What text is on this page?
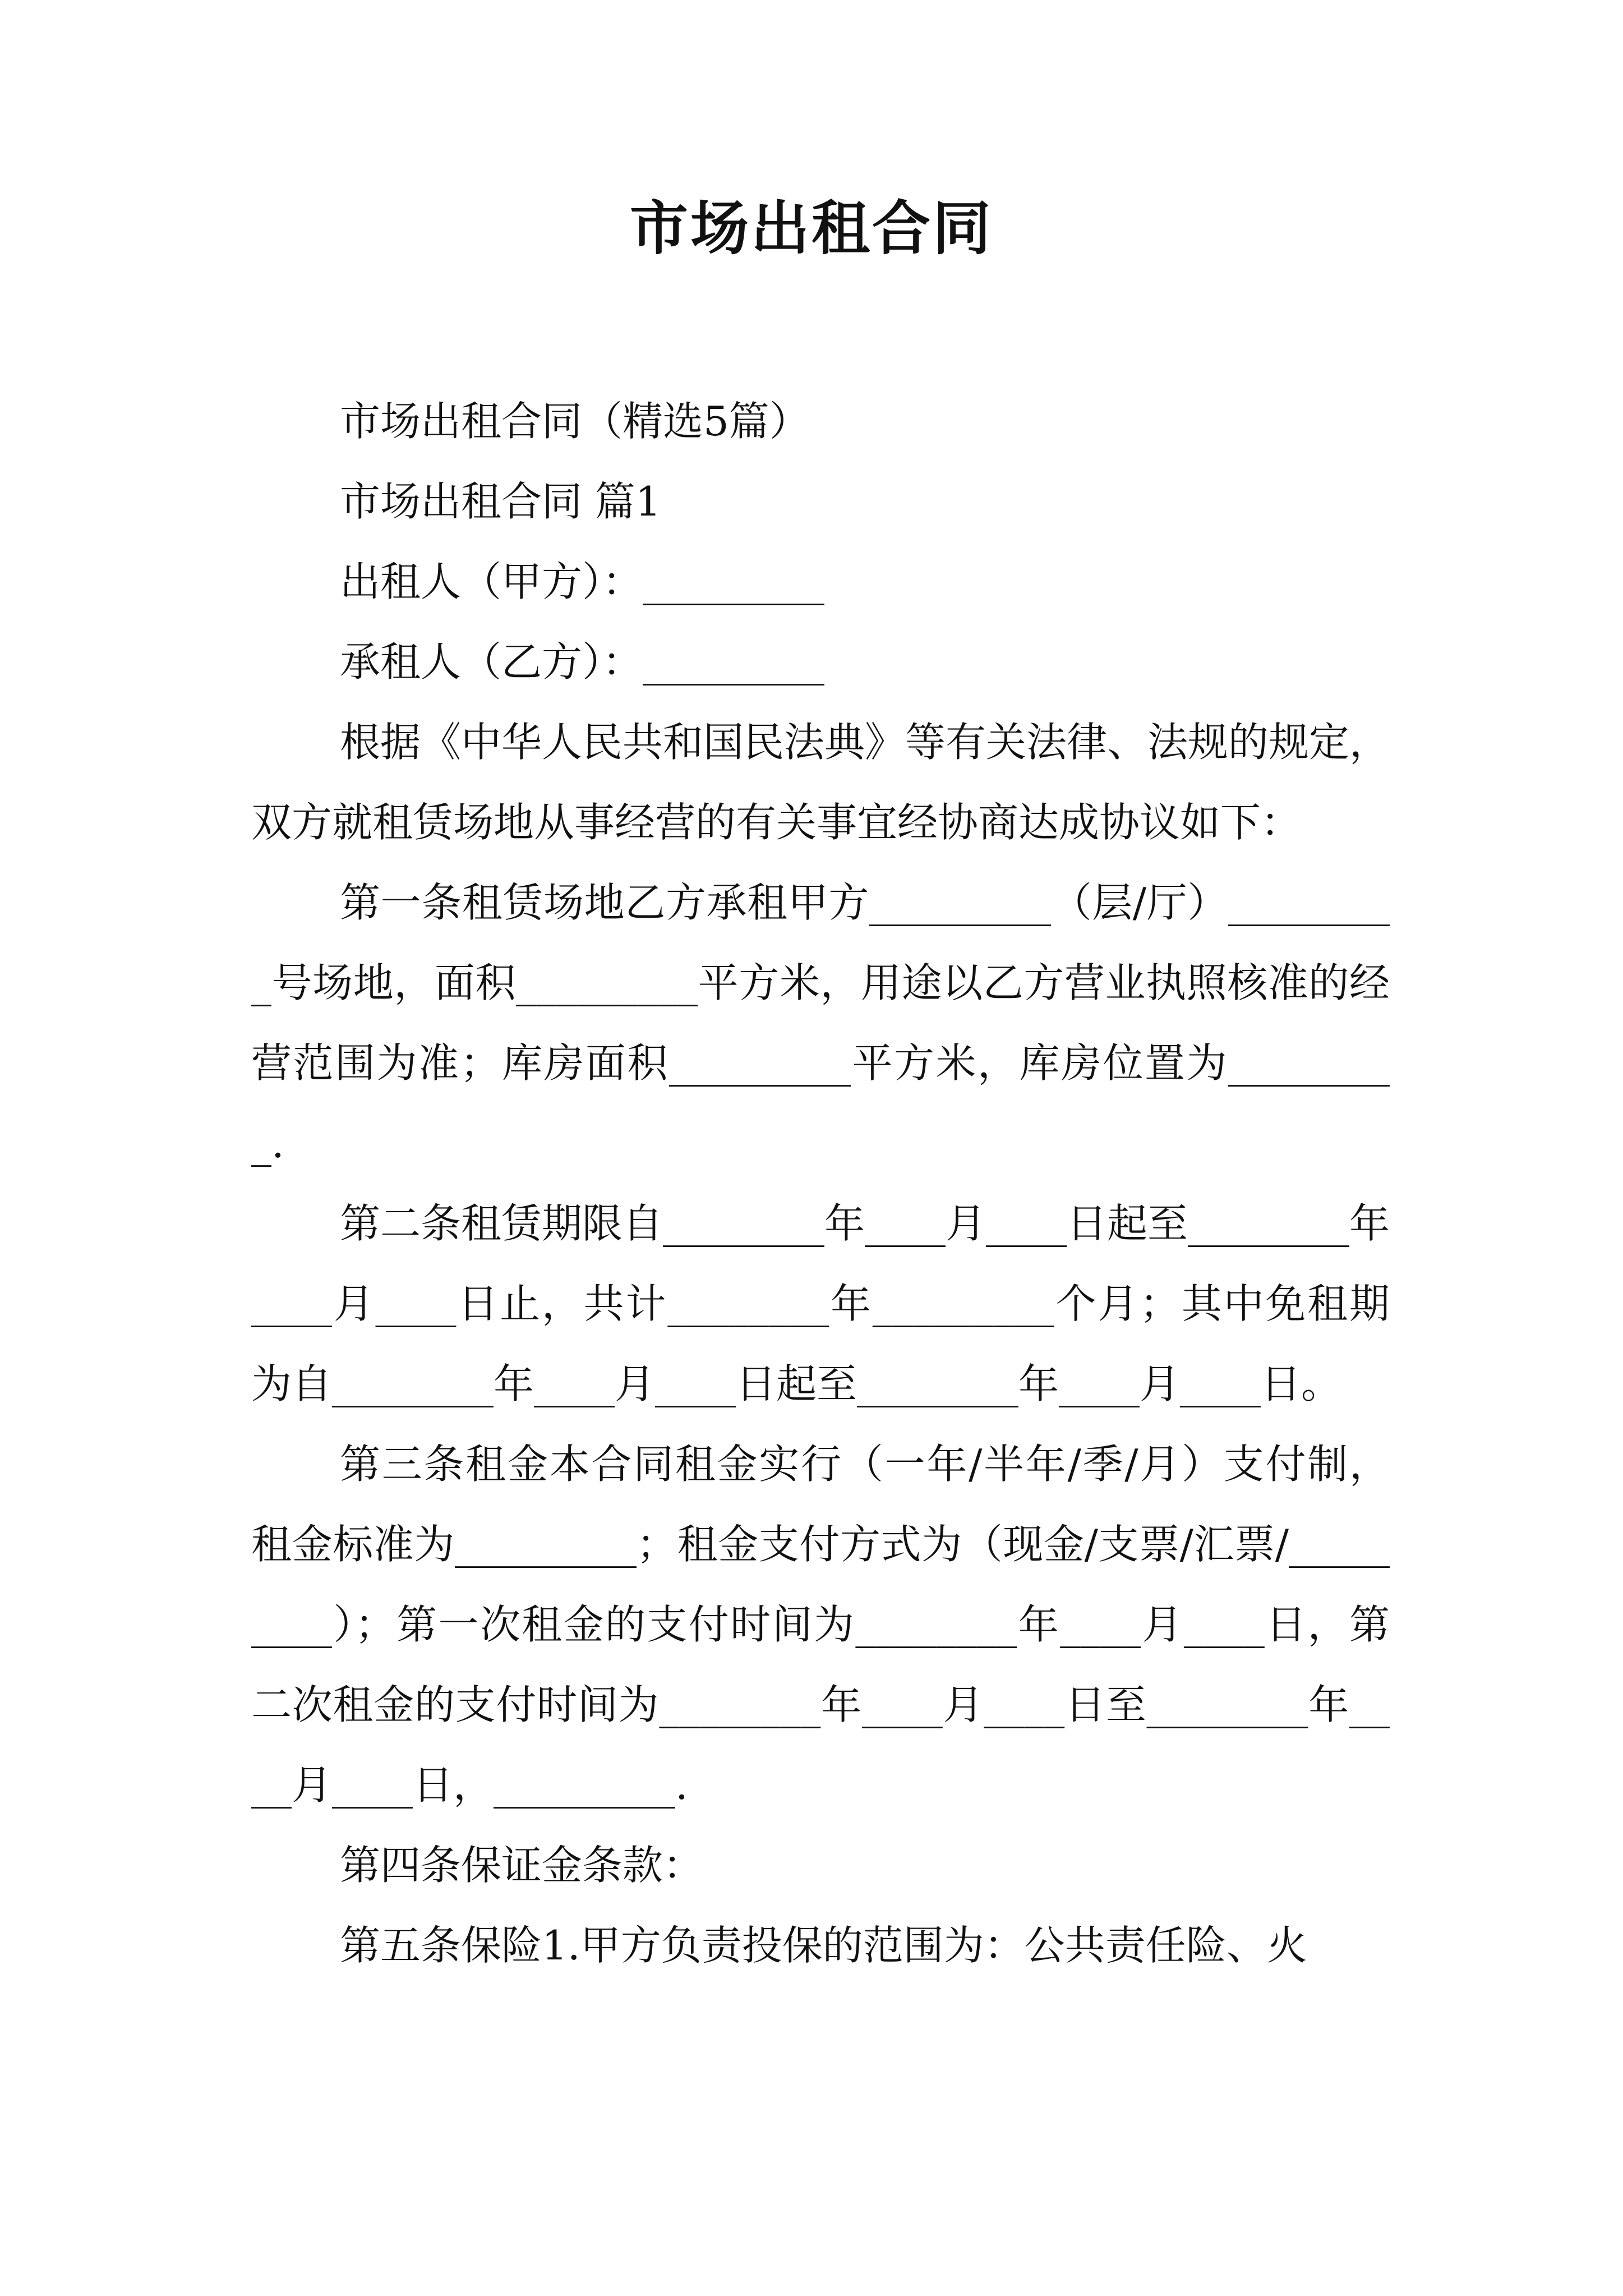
市场出租合同

市场出租合同（精选5篇）

市场出租合同 篇1

出租人（甲方）：_________

承租人（乙方）：_________

根据《中华人民共和国民法典》等有关法律、法规的规定，双方就租赁场地从事经营的有关事宜经协商达成协议如下：

第一条租赁场地乙方承租甲方_________（层/厅）_________号场地，面积_________平方米，用途以乙方营业执照核准的经营范围为准；库房面积_________平方米，库房位置为_________.

第二条租赁期限自________年____月____日起至________年____月____日止，共计________年_________个月；其中免租期为自________年____月____日起至________年____月____日。

第三条租金本合同租金实行（一年/半年/季/月）支付制，租金标准为_________；租金支付方式为（现金/支票/汇票/_________）；第一次租金的支付时间为________年____月____日，第二次租金的支付时间为________年____月____日至________年____月____日，_________.

第四条保证金条款：

第五条保险1.甲方负责投保的范围为：公共责任险、火
